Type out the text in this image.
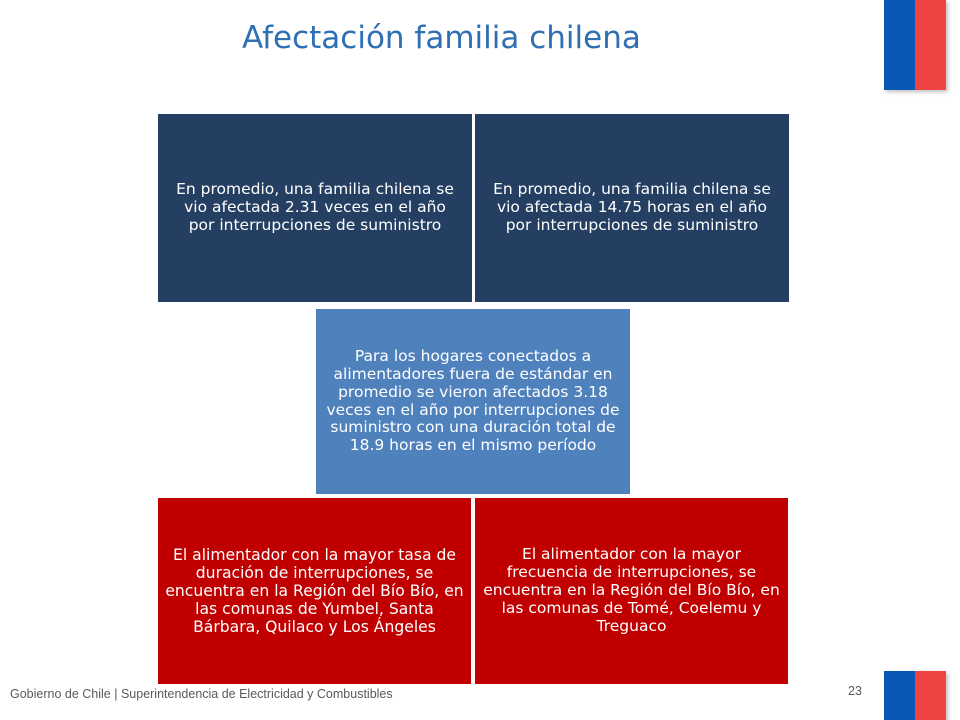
Afectación familia chilena
En promedio, una familia chilena se vio afectada 2.31 veces en el año por interrupciones de suministro
En promedio, una familia chilena se vio afectada 14.75 horas en el año por interrupciones de suministro
Para los hogares conectados a alimentadores fuera de estándar en promedio se vieron afectados 3.18 veces en el año por interrupciones de suministro con una duración total de 18.9 horas en el mismo período
El alimentador con la mayor tasa de duración de interrupciones, se encuentra en la Región del Bío Bío, en las comunas de Yumbel, Santa Bárbara, Quilaco y Los Ángeles
El alimentador con la mayor frecuencia de interrupciones, se encuentra en la Región del Bío Bío, en las comunas de Tomé, Coelemu y Treguaco
Gobierno de Chile | Superintendencia de Electricidad y Combustibles	23
